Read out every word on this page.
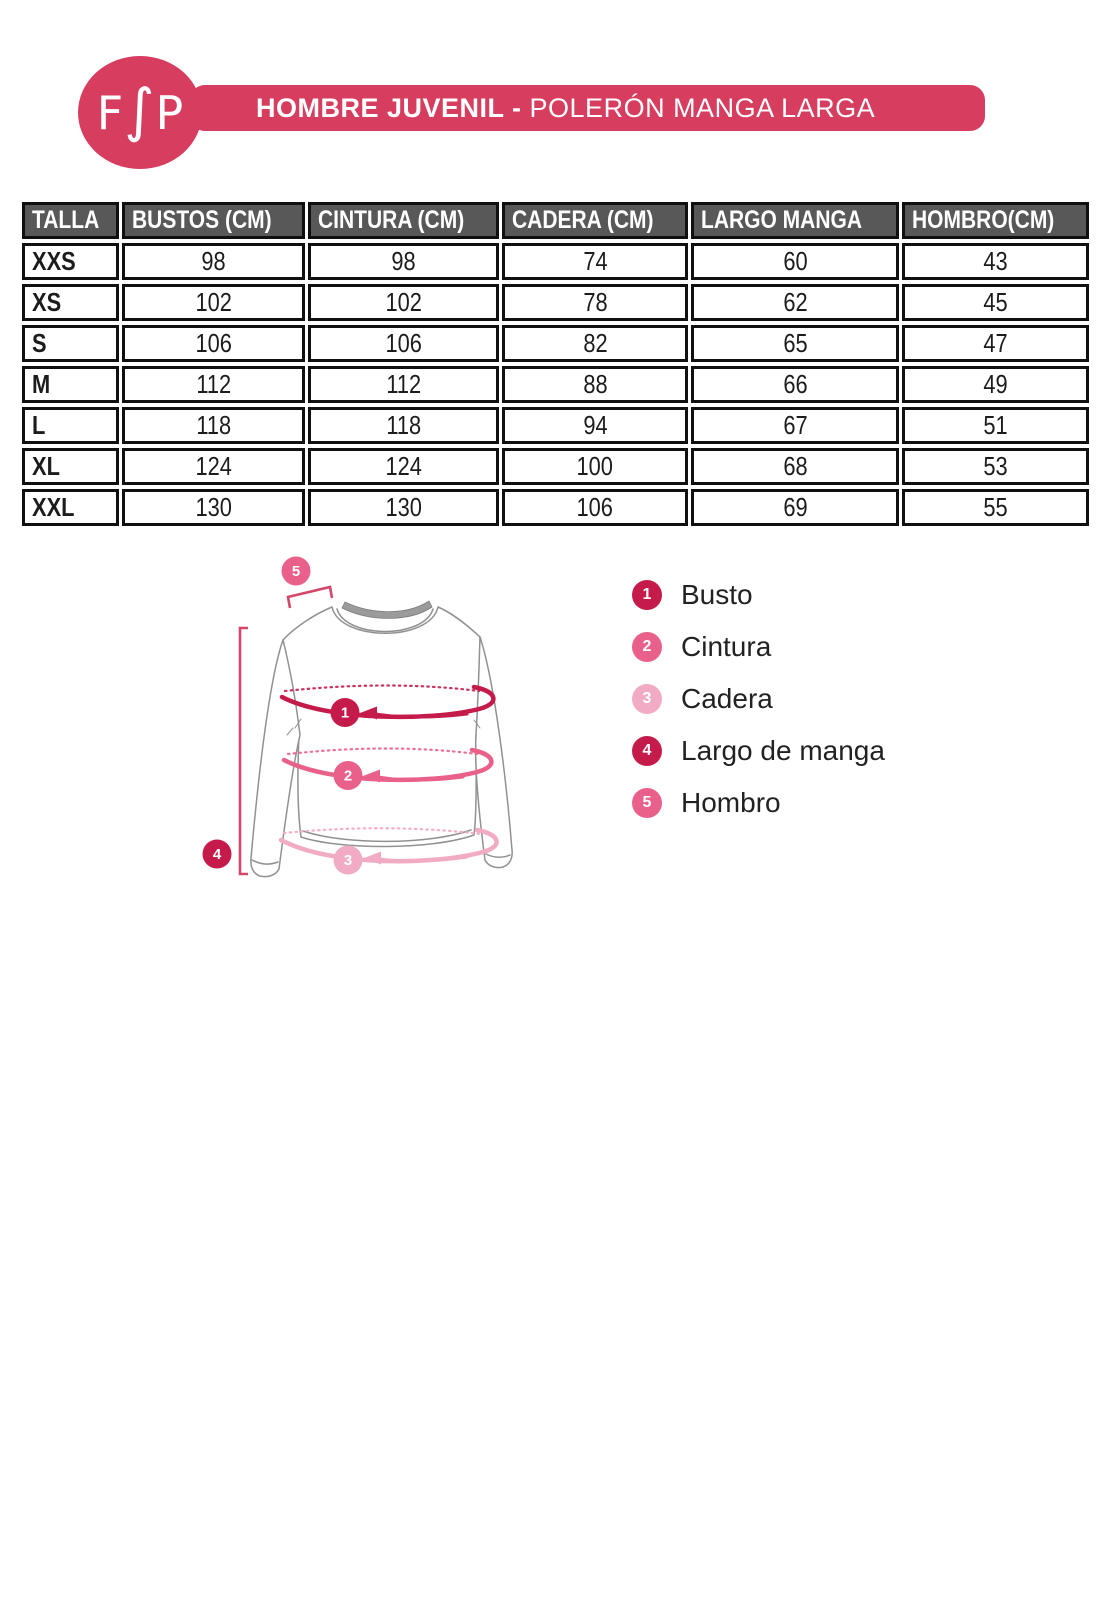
HOMBRE JUVENIL - POLERÓN MANGA LARGA
F ∫ P
TALLA	BUSTOS (CM)	CINTURA (CM)	CADERA (CM)	LARGO MANGA	HOMBRO(CM)
XXS	98	98	74	60	43
XS	102	102	78	62	45
S	106	106	82	65	47
M	112	112	88	66	49
L	118	118	94	67	51
XL	124	124	100	68	53
XXL	130	130	106	69	55
1
2
3
4
5
1	Busto
2	Cintura
3	Cadera
4	Largo de manga
5	Hombro
